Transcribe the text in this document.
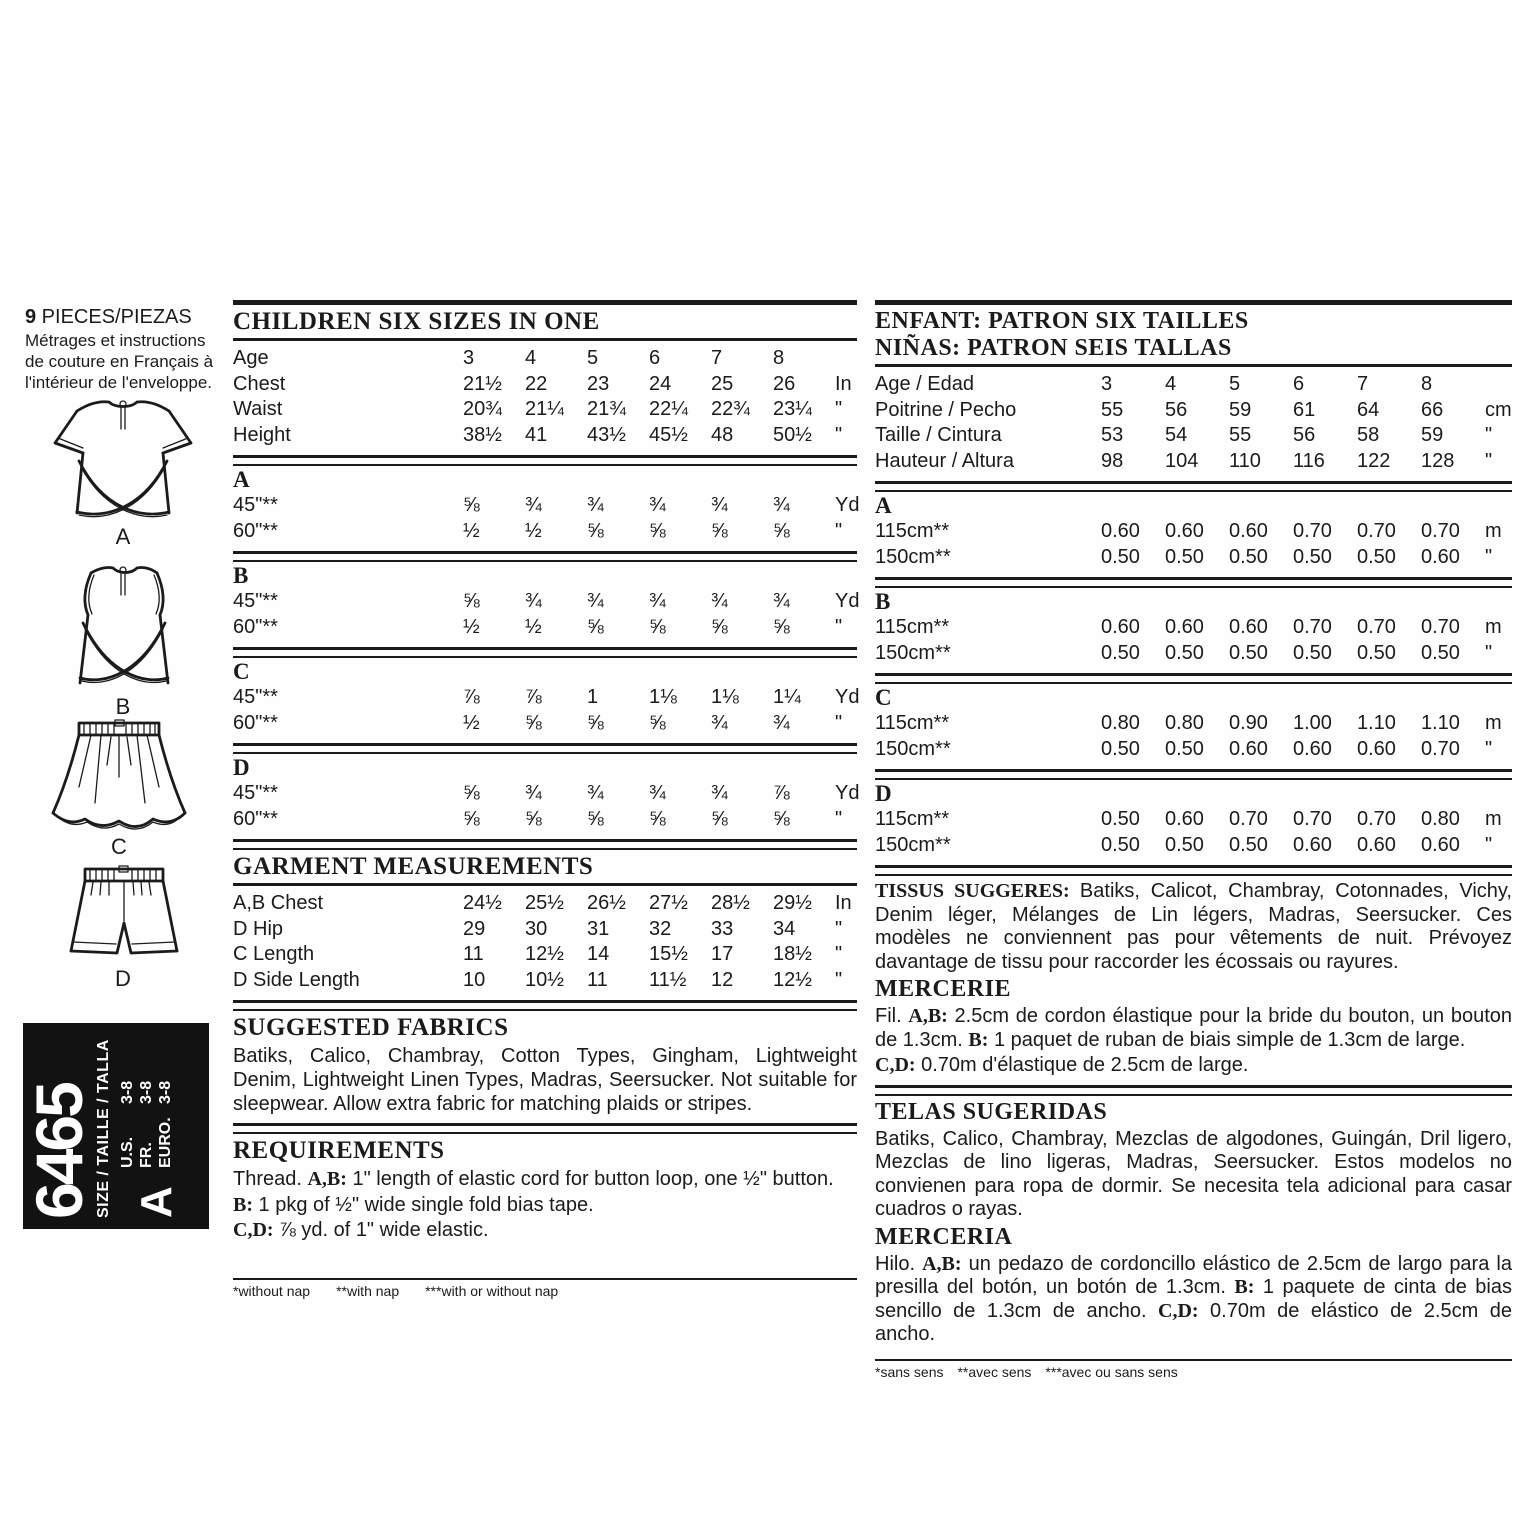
9 PIECES/PIEZAS
Métrages et instructions de couture en Français à l'intérieur de l'enveloppe.
A
B
C
D
6465 SIZE / TAILLE / TALLA U.S.
3-8
A
FR.
3-8
EURO.
3-8
CHILDREN SIX SIZES IN ONE
Age	3	4	5	6	7	8
Chest	21½	22	23	24	25	26	In
Waist	20¾	21¼	21¾	22¼	22¾	23¼	"
Height	38½	41	43½	45½	48	50½	"
A
45"**	⅝	¾	¾	¾	¾	¾	Yd
60"**	½	½	⅝	⅝	⅝	⅝	"
B
45"**	⅝	¾	¾	¾	¾	¾	Yd
60"**	½	½	⅝	⅝	⅝	⅝	"
C
45"**	⅞	⅞	1	1⅛	1⅛	1¼	Yd
60"**	½	⅝	⅝	⅝	¾	¾	"
D
45"**	⅝	¾	¾	¾	¾	⅞	Yd
60"**	⅝	⅝	⅝	⅝	⅝	⅝	"
GARMENT MEASUREMENTS
A,B Chest	24½	25½	26½	27½	28½	29½	In
D Hip	29	30	31	32	33	34	"
C Length	11	12½	14	15½	17	18½	"
D Side Length	10	10½	11	11½	12	12½	"
SUGGESTED FABRICS

Batiks, Calico, Chambray, Cotton Types, Gingham, Lightweight Denim, Lightweight Linen Types, Madras, Seersucker. Not suitable for sleepwear. Allow extra fabric for matching plaids or stripes.

REQUIREMENTS
Thread. A,B: 1" length of elastic cord for button loop, one ½" button.
B: 1 pkg of ½" wide single fold bias tape.
C,D: ⅞ yd. of 1" wide elastic.
*without nap **with nap ***with or without nap
ENFANT: PATRON SIX TAILLES
NIÑAS: PATRON SEIS TALLAS
Age / Edad	3	4	5	6	7	8
Poitrine / Pecho	55	56	59	61	64	66	cm
Taille / Cintura	53	54	55	56	58	59	"
Hauteur / Altura	98	104	110	116	122	128	"
A
115cm**	0.60	0.60	0.60	0.70	0.70	0.70	m
150cm**	0.50	0.50	0.50	0.50	0.50	0.60	"
B
115cm**	0.60	0.60	0.60	0.70	0.70	0.70	m
150cm**	0.50	0.50	0.50	0.50	0.50	0.50	"
C
115cm**	0.80	0.80	0.90	1.00	1.10	1.10	m
150cm**	0.50	0.50	0.60	0.60	0.60	0.70	"
D
115cm**	0.50	0.60	0.70	0.70	0.70	0.80	m
150cm**	0.50	0.50	0.50	0.60	0.60	0.60	"

TISSUS SUGGERES: Batiks, Calicot, Chambray, Cotonnades, Vichy, Denim léger, Mélanges de Lin légers, Madras, Seersucker. Ces modèles ne conviennent pas pour vêtements de nuit. Prévoyez davantage de tissu pour raccorder les écossais ou rayures.

MERCERIE

Fil. A,B: 2.5cm de cordon élastique pour la bride du bouton, un bouton de 1.3cm. B: 1 paquet de ruban de biais simple de 1.3cm de large.

C,D: 0.70m d'élastique de 2.5cm de large.

TELAS SUGERIDAS

Batiks, Calico, Chambray, Mezclas de algodones, Guingán, Dril ligero, Mezclas de lino ligeras, Madras, Seersucker. Estos modelos no convienen para ropa de dormir. Se necesita tela adicional para casar cuadros o rayas.

MERCERIA

Hilo. A,B: un pedazo de cordoncillo elástico de 2.5cm de largo para la presilla del botón, un botón de 1.3cm. B: 1 paquete de cinta de bias sencillo de 1.3cm de ancho. C,D: 0.70m de elástico de 2.5cm de ancho.

*sans sens **avec sens ***avec ou sans sens
